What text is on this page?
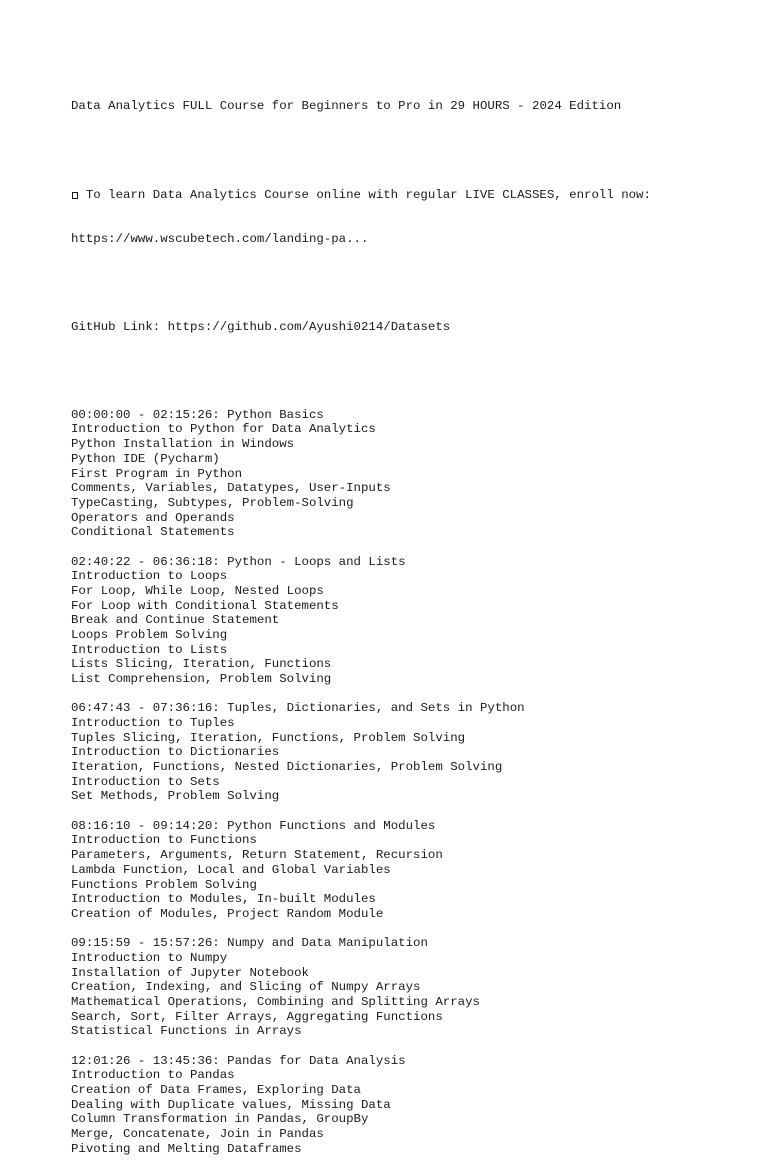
Data Analytics FULL Course for Beginners to Pro in 29 HOURS - 2024 Edition

To learn Data Analytics Course online with regular LIVE CLASSES, enroll now:

https://www.wscubetech.com/landing-pa...

GitHub Link: https://github.com/Ayushi0214/Datasets

00:00:00 - 02:15:26: Python Basics
Introduction to Python for Data Analytics
Python Installation in Windows
Python IDE (Pycharm)
First Program in Python
Comments, Variables, Datatypes, User-Inputs
TypeCasting, Subtypes, Problem-Solving
Operators and Operands
Conditional Statements
02:40:22 - 06:36:18: Python - Loops and Lists
Introduction to Loops
For Loop, While Loop, Nested Loops
For Loop with Conditional Statements
Break and Continue Statement
Loops Problem Solving
Introduction to Lists
Lists Slicing, Iteration, Functions
List Comprehension, Problem Solving
06:47:43 - 07:36:16: Tuples, Dictionaries, and Sets in Python
Introduction to Tuples
Tuples Slicing, Iteration, Functions, Problem Solving
Introduction to Dictionaries
Iteration, Functions, Nested Dictionaries, Problem Solving
Introduction to Sets
Set Methods, Problem Solving
08:16:10 - 09:14:20: Python Functions and Modules
Introduction to Functions
Parameters, Arguments, Return Statement, Recursion
Lambda Function, Local and Global Variables
Functions Problem Solving
Introduction to Modules, In-built Modules
Creation of Modules, Project Random Module
09:15:59 - 15:57:26: Numpy and Data Manipulation
Introduction to Numpy
Installation of Jupyter Notebook
Creation, Indexing, and Slicing of Numpy Arrays
Mathematical Operations, Combining and Splitting Arrays
Search, Sort, Filter Arrays, Aggregating Functions
Statistical Functions in Arrays
12:01:26 - 13:45:36: Pandas for Data Analysis
Introduction to Pandas
Creation of Data Frames, Exploring Data
Dealing with Duplicate values, Missing Data
Column Transformation in Pandas, GroupBy
Merge, Concatenate, Join in Pandas
Pivoting and Melting Dataframes
